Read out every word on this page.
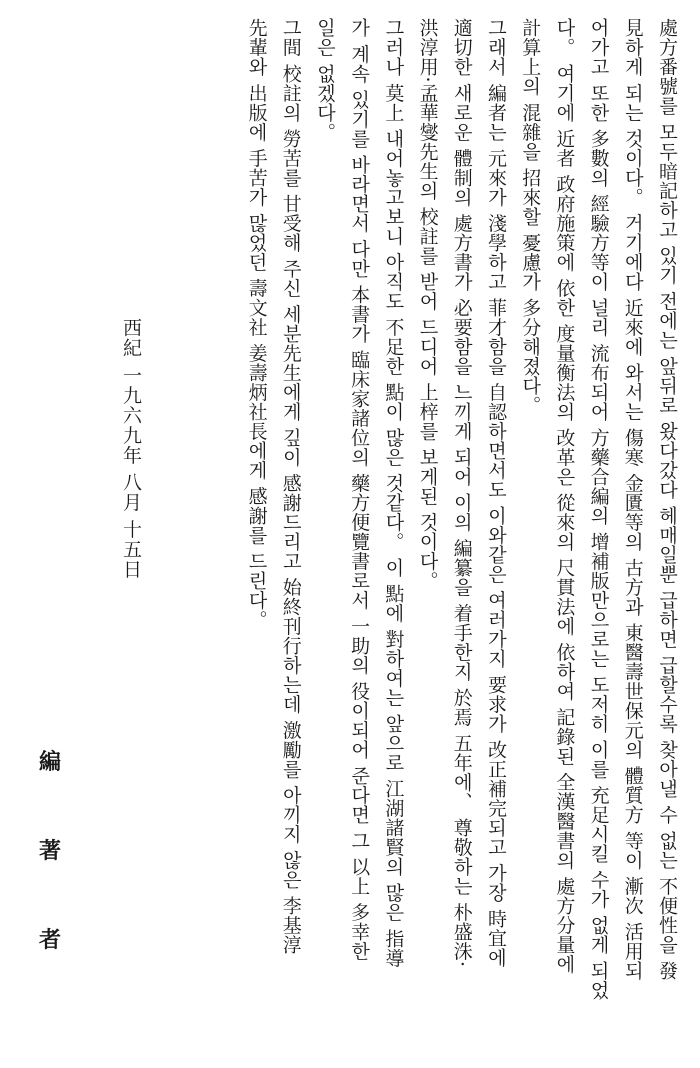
處方番號를 모두暗記하고 있기 전에는 앞뒤로 왔다갔다 헤매일뿐 급하면 급할수록 찾아낼 수 없는 不便性을 發
見하게 되는 것이다。 거기에다 近來에 와서는 傷寒 金匱等의 古方과 東醫壽世保元의 體質方 等이 漸次 活用되
어가고 또한 多數의 經驗方等이 널리 流布되어 方藥合編의 增補版만으로는 도저히 이를 充足시킬 수가 없게 되었
다。 여기에 近者 政府施策에 依한 度量衡法의 改革은 從來의 尺貫法에 依하여 記錄된 全漢醫書의 處方分量에
計算上의 混雜을 招來할 憂慮가 多分해졌다。
그래서 編者는 元來가 淺學하고 菲才함을 自認하면서도 이와같은 여러가지 要求가 改正補完되고 가장 時宜에
適切한 새로운 體制의 處方書가 必要함을 느끼게 되어 이의 編纂을 着手한지 於焉 五年에、 尊敬하는 朴盛洙·
洪淳用·孟華燮先生의 校註를 받어 드디어 上梓를 보게된 것이다。
그러나 莫上 내어놓고보니 아직도 不足한 點이 많은 것같다。 이 點에 對하여는 앞으로 江湖諸賢의 많은 指導
가 계속 있기를 바라면서 다만 本書가 臨床家諸位의 藥方便覽書로서 一助의 役이되어 준다면 그 以上 多幸한
일은 없겠다。
그間 校註의 勞苦를 甘受해 주신 세분先生에게 깊이 感謝드리고 始終刊行하는데 激勵를 아끼지 않은 李基淳
先輩와 出版에 手苦가 많었던 壽文社 姜壽炳社長에게 感謝를 드린다。
西紀 一九六九年 八月 十五日
編
著
者
